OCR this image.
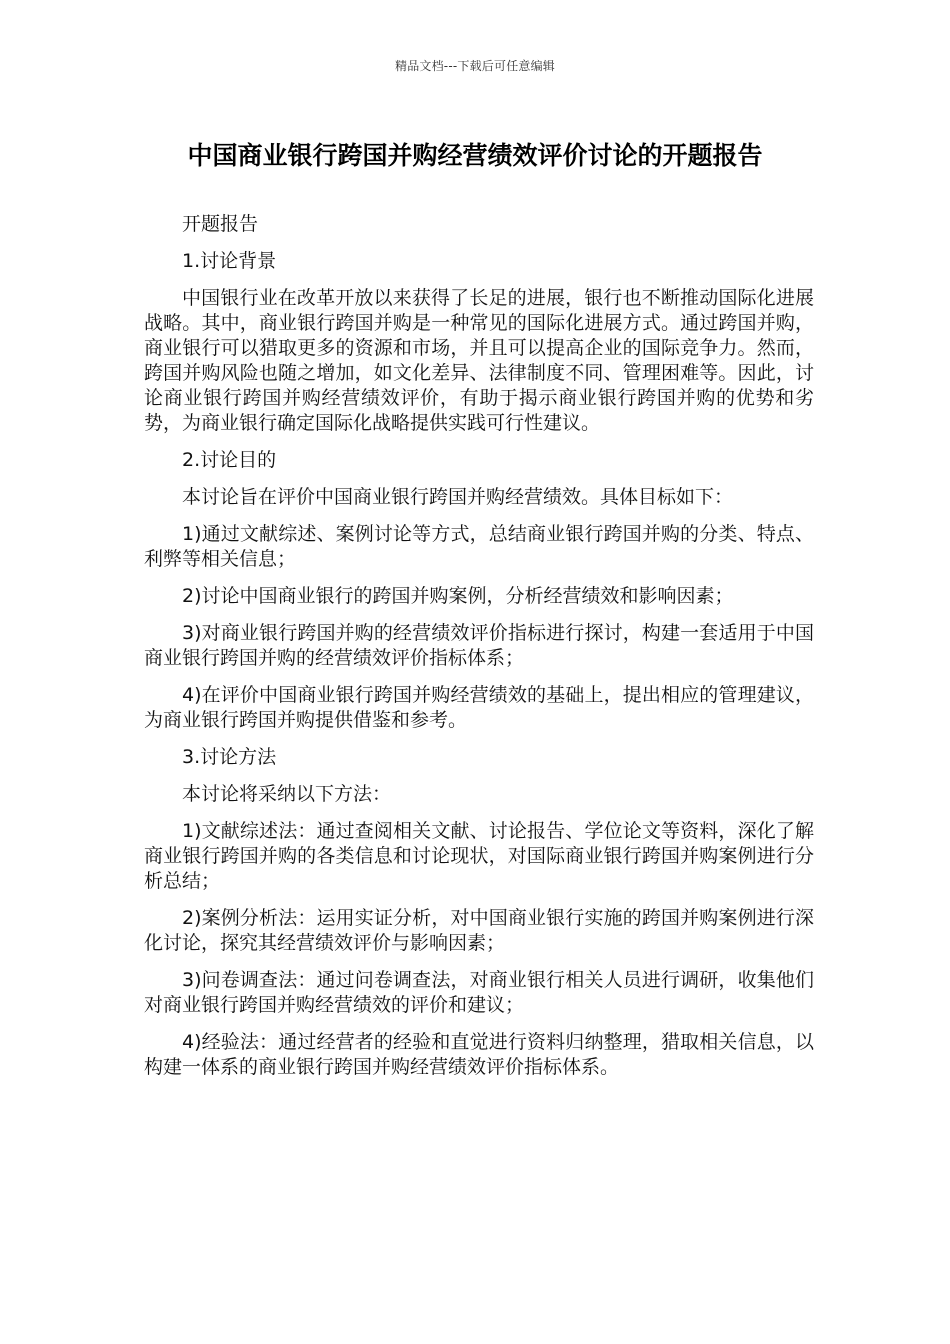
精品文档---下载后可任意编辑
中国商业银行跨国并购经营绩效评价讨论的开题报告

开题报告

1.讨论背景

中国银行业在改革开放以来获得了长足的进展，银行也不断推动国际化进展战略。其中，商业银行跨国并购是一种常见的国际化进展方式。通过跨国并购，商业银行可以猎取更多的资源和市场，并且可以提高企业的国际竞争力。然而，跨国并购风险也随之增加，如文化差异、法律制度不同、管理困难等。因此，讨论商业银行跨国并购经营绩效评价，有助于揭示商业银行跨国并购的优势和劣势，为商业银行确定国际化战略提供实践可行性建议。

2.讨论目的

本讨论旨在评价中国商业银行跨国并购经营绩效。具体目标如下：

1)通过文献综述、案例讨论等方式，总结商业银行跨国并购的分类、特点、利弊等相关信息；

2)讨论中国商业银行的跨国并购案例，分析经营绩效和影响因素；

3)对商业银行跨国并购的经营绩效评价指标进行探讨，构建一套适用于中国商业银行跨国并购的经营绩效评价指标体系；

4)在评价中国商业银行跨国并购经营绩效的基础上，提出相应的管理建议，为商业银行跨国并购提供借鉴和参考。

3.讨论方法

本讨论将采纳以下方法：

1)文献综述法：通过查阅相关文献、讨论报告、学位论文等资料，深化了解商业银行跨国并购的各类信息和讨论现状，对国际商业银行跨国并购案例进行分析总结；

2)案例分析法：运用实证分析，对中国商业银行实施的跨国并购案例进行深化讨论，探究其经营绩效评价与影响因素；

3)问卷调查法：通过问卷调查法，对商业银行相关人员进行调研，收集他们对商业银行跨国并购经营绩效的评价和建议；

4)经验法：通过经营者的经验和直觉进行资料归纳整理，猎取相关信息，以构建一体系的商业银行跨国并购经营绩效评价指标体系。
